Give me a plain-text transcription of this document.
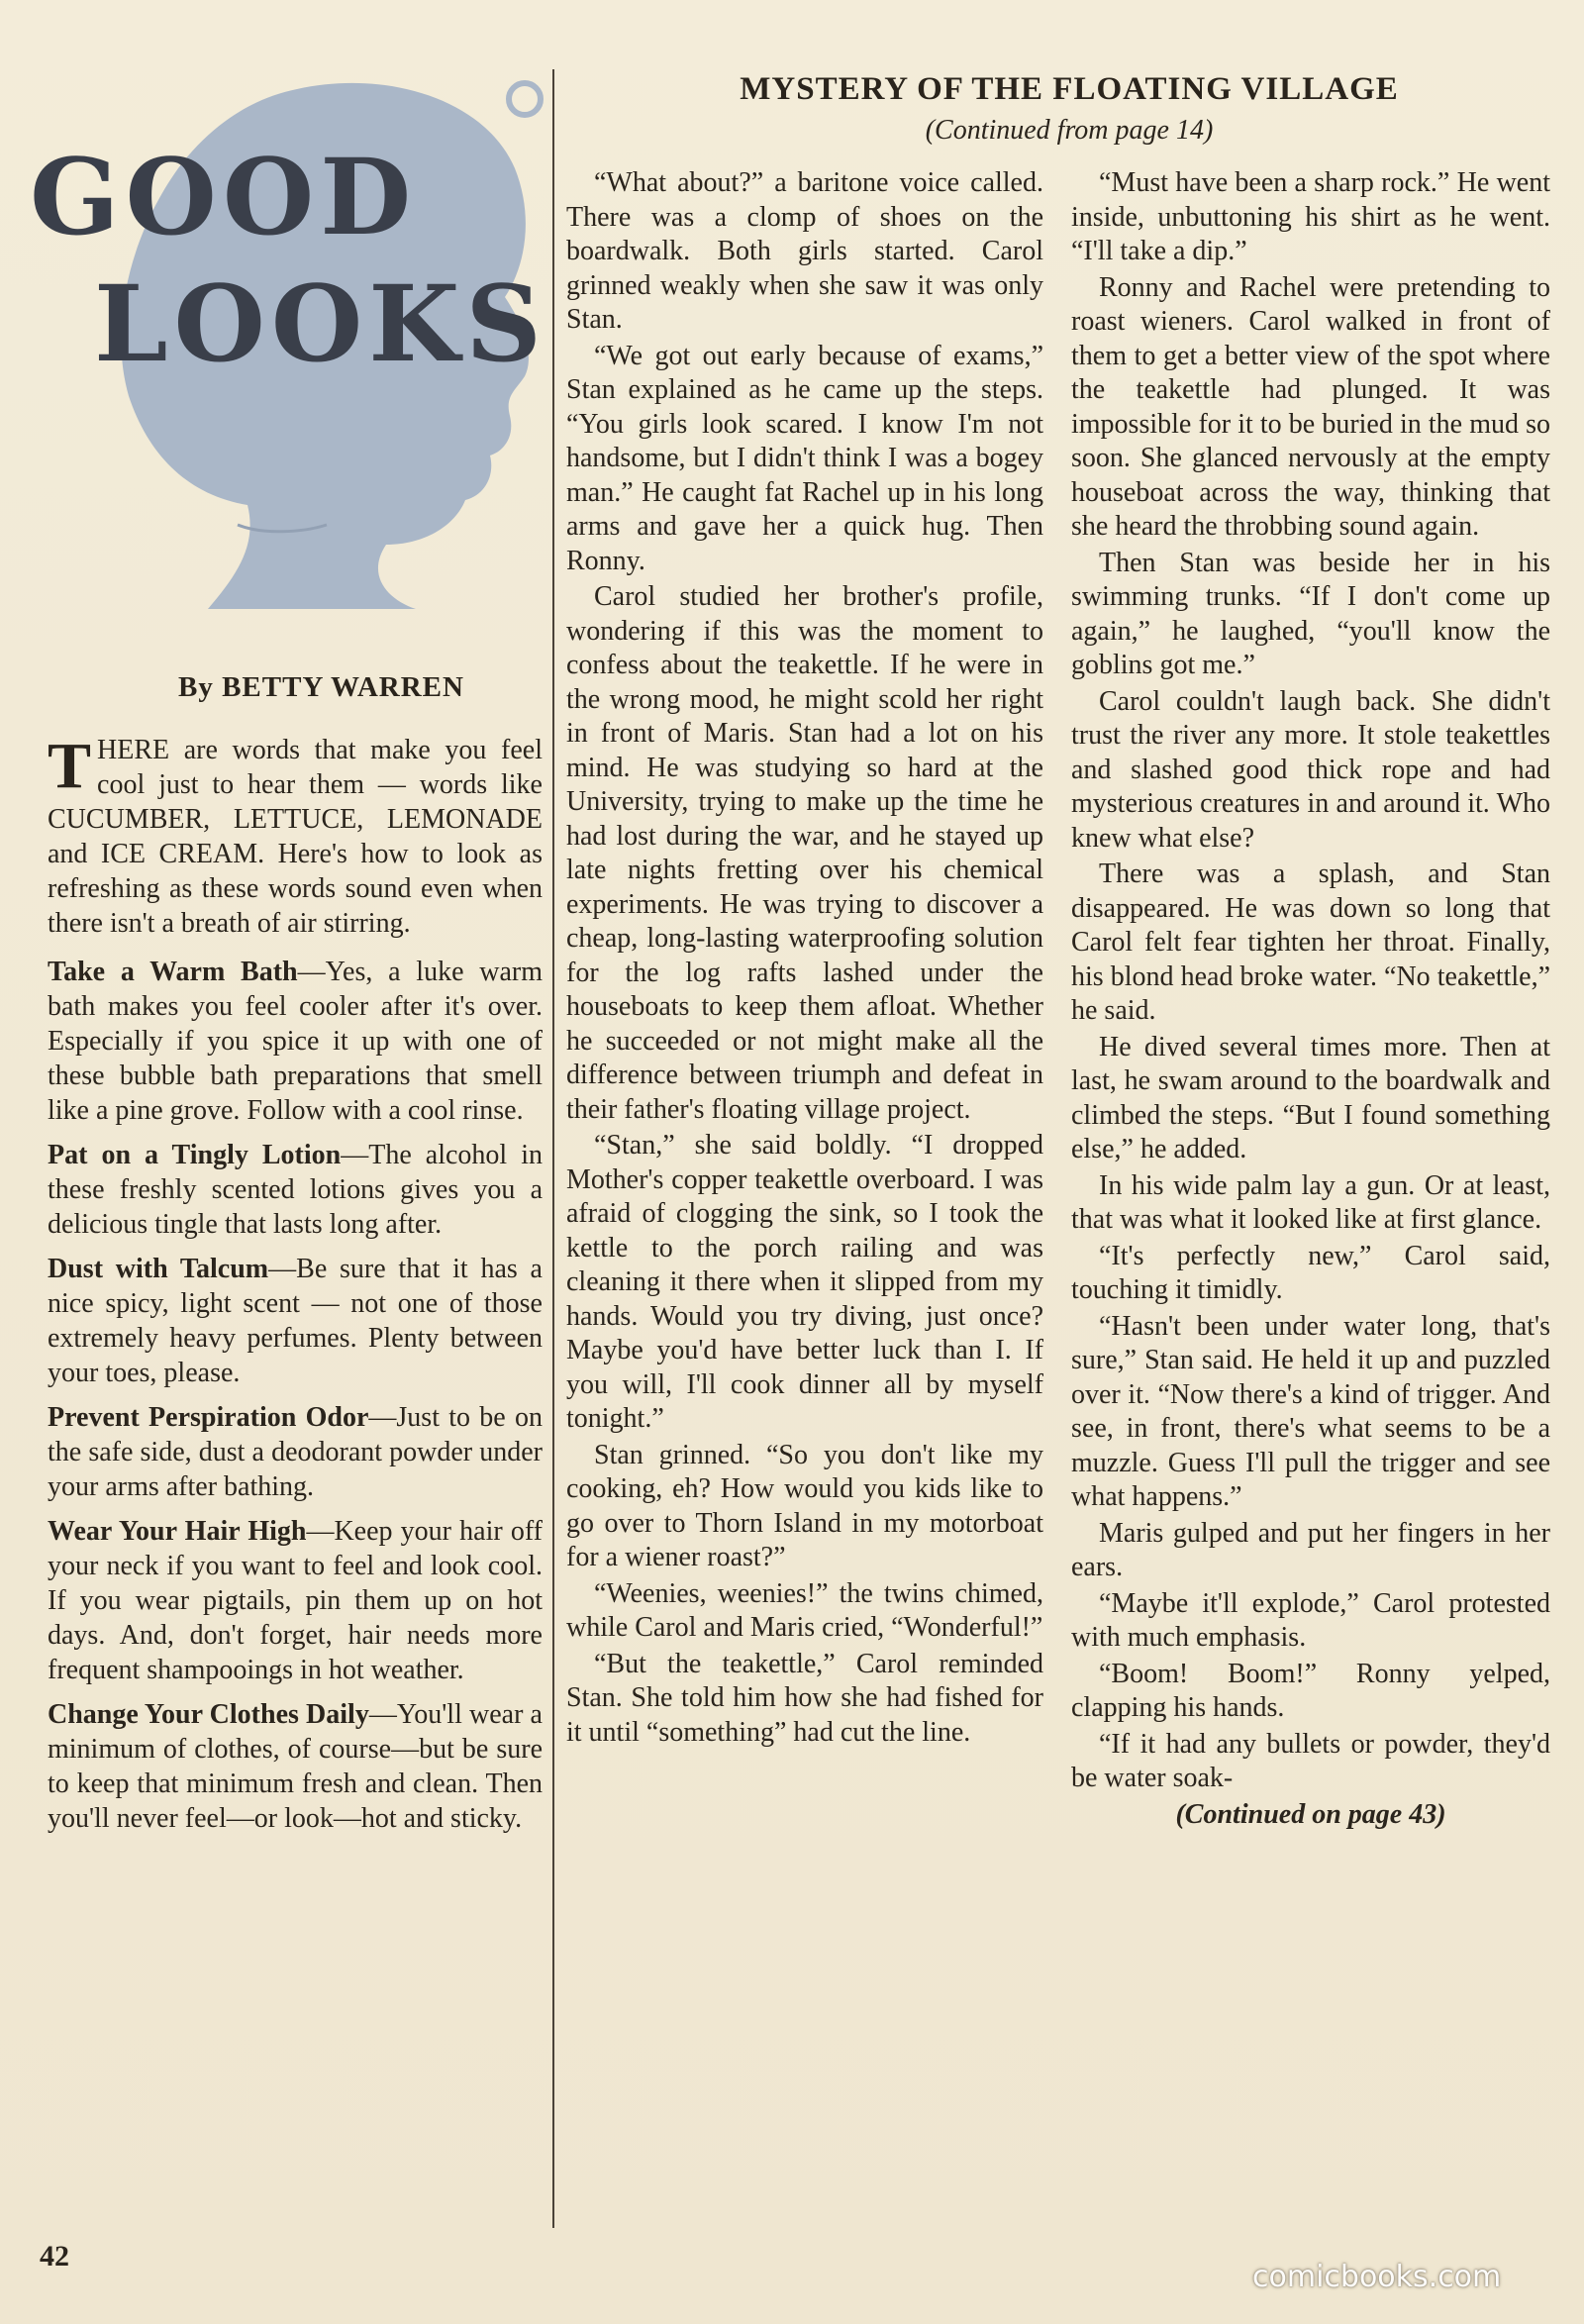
GOOD
LOOKS
By BETTY WARREN

THERE are words that make you feel cool just to hear them — words like CUCUMBER, LETTUCE, LEMONADE and ICE CREAM. Here's how to look as refreshing as these words sound even when there isn't a breath of air stirring.

Take a Warm Bath—Yes, a luke warm bath makes you feel cooler after it's over. Especially if you spice it up with one of these bubble bath preparations that smell like a pine grove. Follow with a cool rinse.

Pat on a Tingly Lotion—The alcohol in these freshly scented lotions gives you a delicious tingle that lasts long after.

Dust with Talcum—Be sure that it has a nice spicy, light scent — not one of those extremely heavy perfumes. Plenty between your toes, please.

Prevent Perspiration Odor—Just to be on the safe side, dust a deodorant powder under your arms after bathing.

Wear Your Hair High—Keep your hair off your neck if you want to feel and look cool. If you wear pigtails, pin them up on hot days. And, don't forget, hair needs more frequent shampooings in hot weather.

Change Your Clothes Daily—You'll wear a minimum of clothes, of course—but be sure to keep that minimum fresh and clean. Then you'll never feel—or look—hot and sticky.

MYSTERY OF THE FLOATING VILLAGE
(Continued from page 14)

“What about?” a baritone voice called. There was a clomp of shoes on the boardwalk. Both girls started. Carol grinned weakly when she saw it was only Stan.

“We got out early because of exams,” Stan explained as he came up the steps. “You girls look scared. I know I'm not handsome, but I didn't think I was a bogey man.” He caught fat Rachel up in his long arms and gave her a quick hug. Then Ronny.

Carol studied her brother's profile, wondering if this was the moment to confess about the teakettle. If he were in the wrong mood, he might scold her right in front of Maris. Stan had a lot on his mind. He was studying so hard at the University, trying to make up the time he had lost during the war, and he stayed up late nights fretting over his chemical experiments. He was trying to discover a cheap, long-lasting waterproofing solution for the log rafts lashed under the houseboats to keep them afloat. Whether he succeeded or not might make all the difference between triumph and defeat in their father's floating village project.

“Stan,” she said boldly. “I dropped Mother's copper teakettle overboard. I was afraid of clogging the sink, so I took the kettle to the porch railing and was cleaning it there when it slipped from my hands. Would you try diving, just once? Maybe you'd have better luck than I. If you will, I'll cook dinner all by myself tonight.”

Stan grinned. “So you don't like my cooking, eh? How would you kids like to go over to Thorn Island in my motorboat for a wiener roast?”

“Weenies, weenies!” the twins chimed, while Carol and Maris cried, “Wonderful!”

“But the teakettle,” Carol reminded Stan. She told him how she had fished for it until “something” had cut the line.

“Must have been a sharp rock.” He went inside, unbuttoning his shirt as he went. “I'll take a dip.”

Ronny and Rachel were pretending to roast wieners. Carol walked in front of them to get a better view of the spot where the teakettle had plunged. It was impossible for it to be buried in the mud so soon. She glanced nervously at the empty houseboat across the way, thinking that she heard the throbbing sound again.

Then Stan was beside her in his swimming trunks. “If I don't come up again,” he laughed, “you'll know the goblins got me.”

Carol couldn't laugh back. She didn't trust the river any more. It stole teakettles and slashed good thick rope and had mysterious creatures in and around it. Who knew what else?

There was a splash, and Stan disappeared. He was down so long that Carol felt fear tighten her throat. Finally, his blond head broke water. “No teakettle,” he said.

He dived several times more. Then at last, he swam around to the boardwalk and climbed the steps. “But I found something else,” he added.

In his wide palm lay a gun. Or at least, that was what it looked like at first glance.

“It's perfectly new,” Carol said, touching it timidly.

“Hasn't been under water long, that's sure,” Stan said. He held it up and puzzled over it. “Now there's a kind of trigger. And see, in front, there's what seems to be a muzzle. Guess I'll pull the trigger and see what happens.”

Maris gulped and put her fingers in her ears.

“Maybe it'll explode,” Carol protested with much emphasis.

“Boom! Boom!” Ronny yelped, clapping his hands.

“If it had any bullets or powder, they'd be water soak-

(Continued on page 43)

42
comicbooks.com
